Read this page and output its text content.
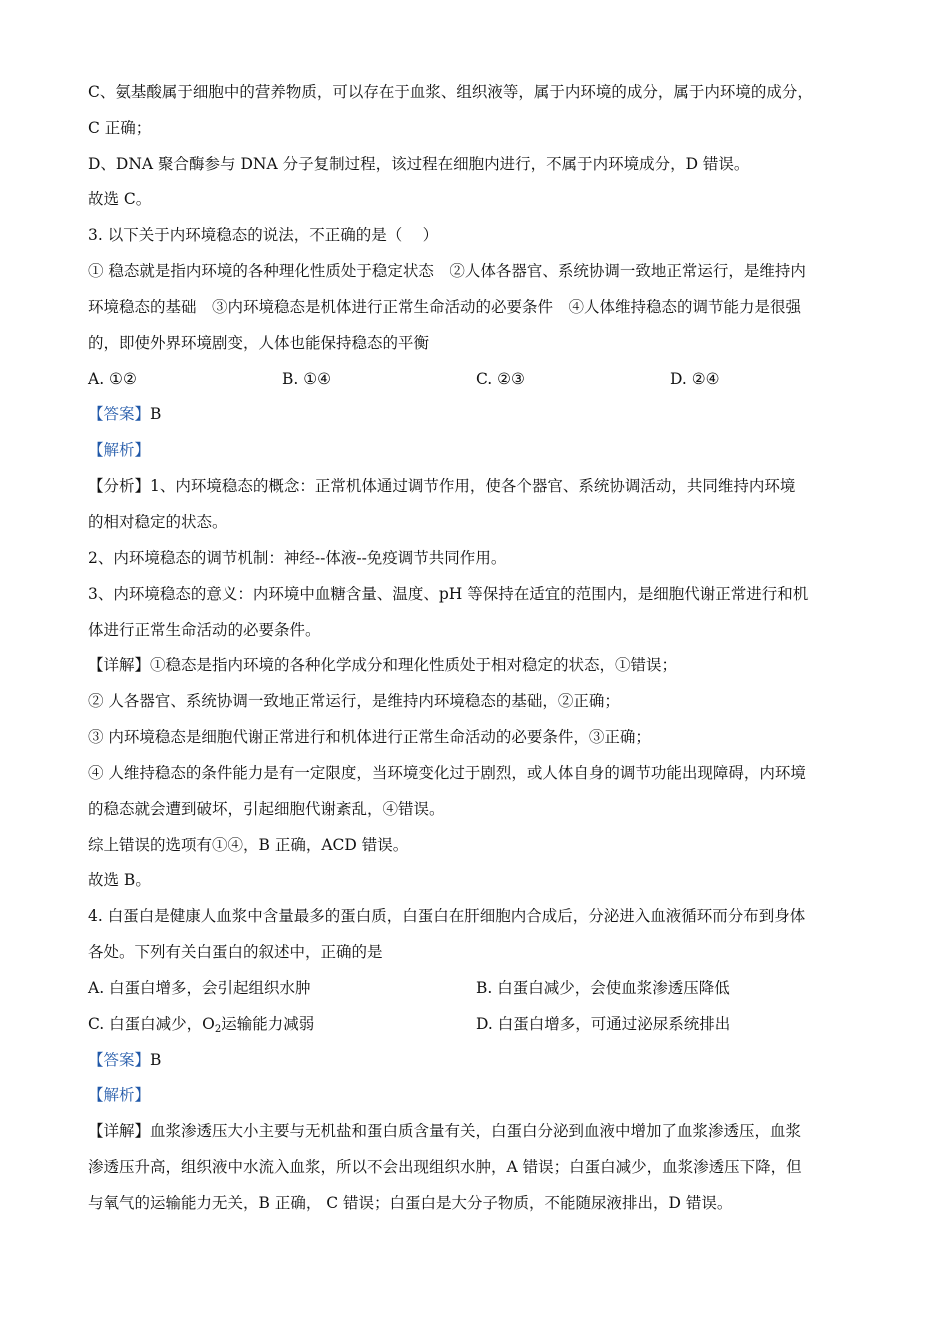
C、氨基酸属于细胞中的营养物质，可以存在于血浆、组织液等，属于内环境的成分，属于内环境的成分，
C 正确；
D、DNA 聚合酶参与 DNA 分子复制过程，该过程在细胞内进行，不属于内环境成分，D 错误。
故选 C。
3. 以下关于内环境稳态的说法，不正确的是（　 ）
① 稳态就是指内环境的各种理化性质处于稳定状态　②人体各器官、系统协调一致地正常运行，是维持内
环境稳态的基础　③内环境稳态是机体进行正常生命活动的必要条件　④人体维持稳态的调节能力是很强
的，即使外界环境剧变，人体也能保持稳态的平衡
A. ①②	B. ①④	C. ②③	D. ②④
【答案】B
【解析】
【分析】1、内环境稳态的概念：正常机体通过调节作用，使各个器官、系统协调活动，共同维持内环境
的相对稳定的状态。
2、内环境稳态的调节机制：神经--体液--免疫调节共同作用。
3、内环境稳态的意义：内环境中血糖含量、温度、pH 等保持在适宜的范围内，是细胞代谢正常进行和机
体进行正常生命活动的必要条件。
【详解】①稳态是指内环境的各种化学成分和理化性质处于相对稳定的状态，①错误；
② 人各器官、系统协调一致地正常运行，是维持内环境稳态的基础，②正确；
③ 内环境稳态是细胞代谢正常进行和机体进行正常生命活动的必要条件，③正确；
④ 人维持稳态的条件能力是有一定限度，当环境变化过于剧烈，或人体自身的调节功能出现障碍，内环境
的稳态就会遭到破坏，引起细胞代谢紊乱，④错误。
综上错误的选项有①④，B 正确，ACD 错误。
故选 B。
4. 白蛋白是健康人血浆中含量最多的蛋白质，白蛋白在肝细胞内合成后，分泌进入血液循环而分布到身体
各处。下列有关白蛋白的叙述中，正确的是
A. 白蛋白增多，会引起组织水肿	B. 白蛋白减少，会使血浆渗透压降低
C. 白蛋白减少，$O_2$运输能力减弱	D. 白蛋白增多，可通过泌尿系统排出
【答案】B
【解析】
【详解】血浆渗透压大小主要与无机盐和蛋白质含量有关，白蛋白分泌到血液中增加了血浆渗透压，血浆
渗透压升高，组织液中水流入血浆，所以不会出现组织水肿，A 错误；白蛋白减少，血浆渗透压下降，但
与氧气的运输能力无关，B 正确， C 错误；白蛋白是大分子物质，不能随尿液排出，D 错误。
